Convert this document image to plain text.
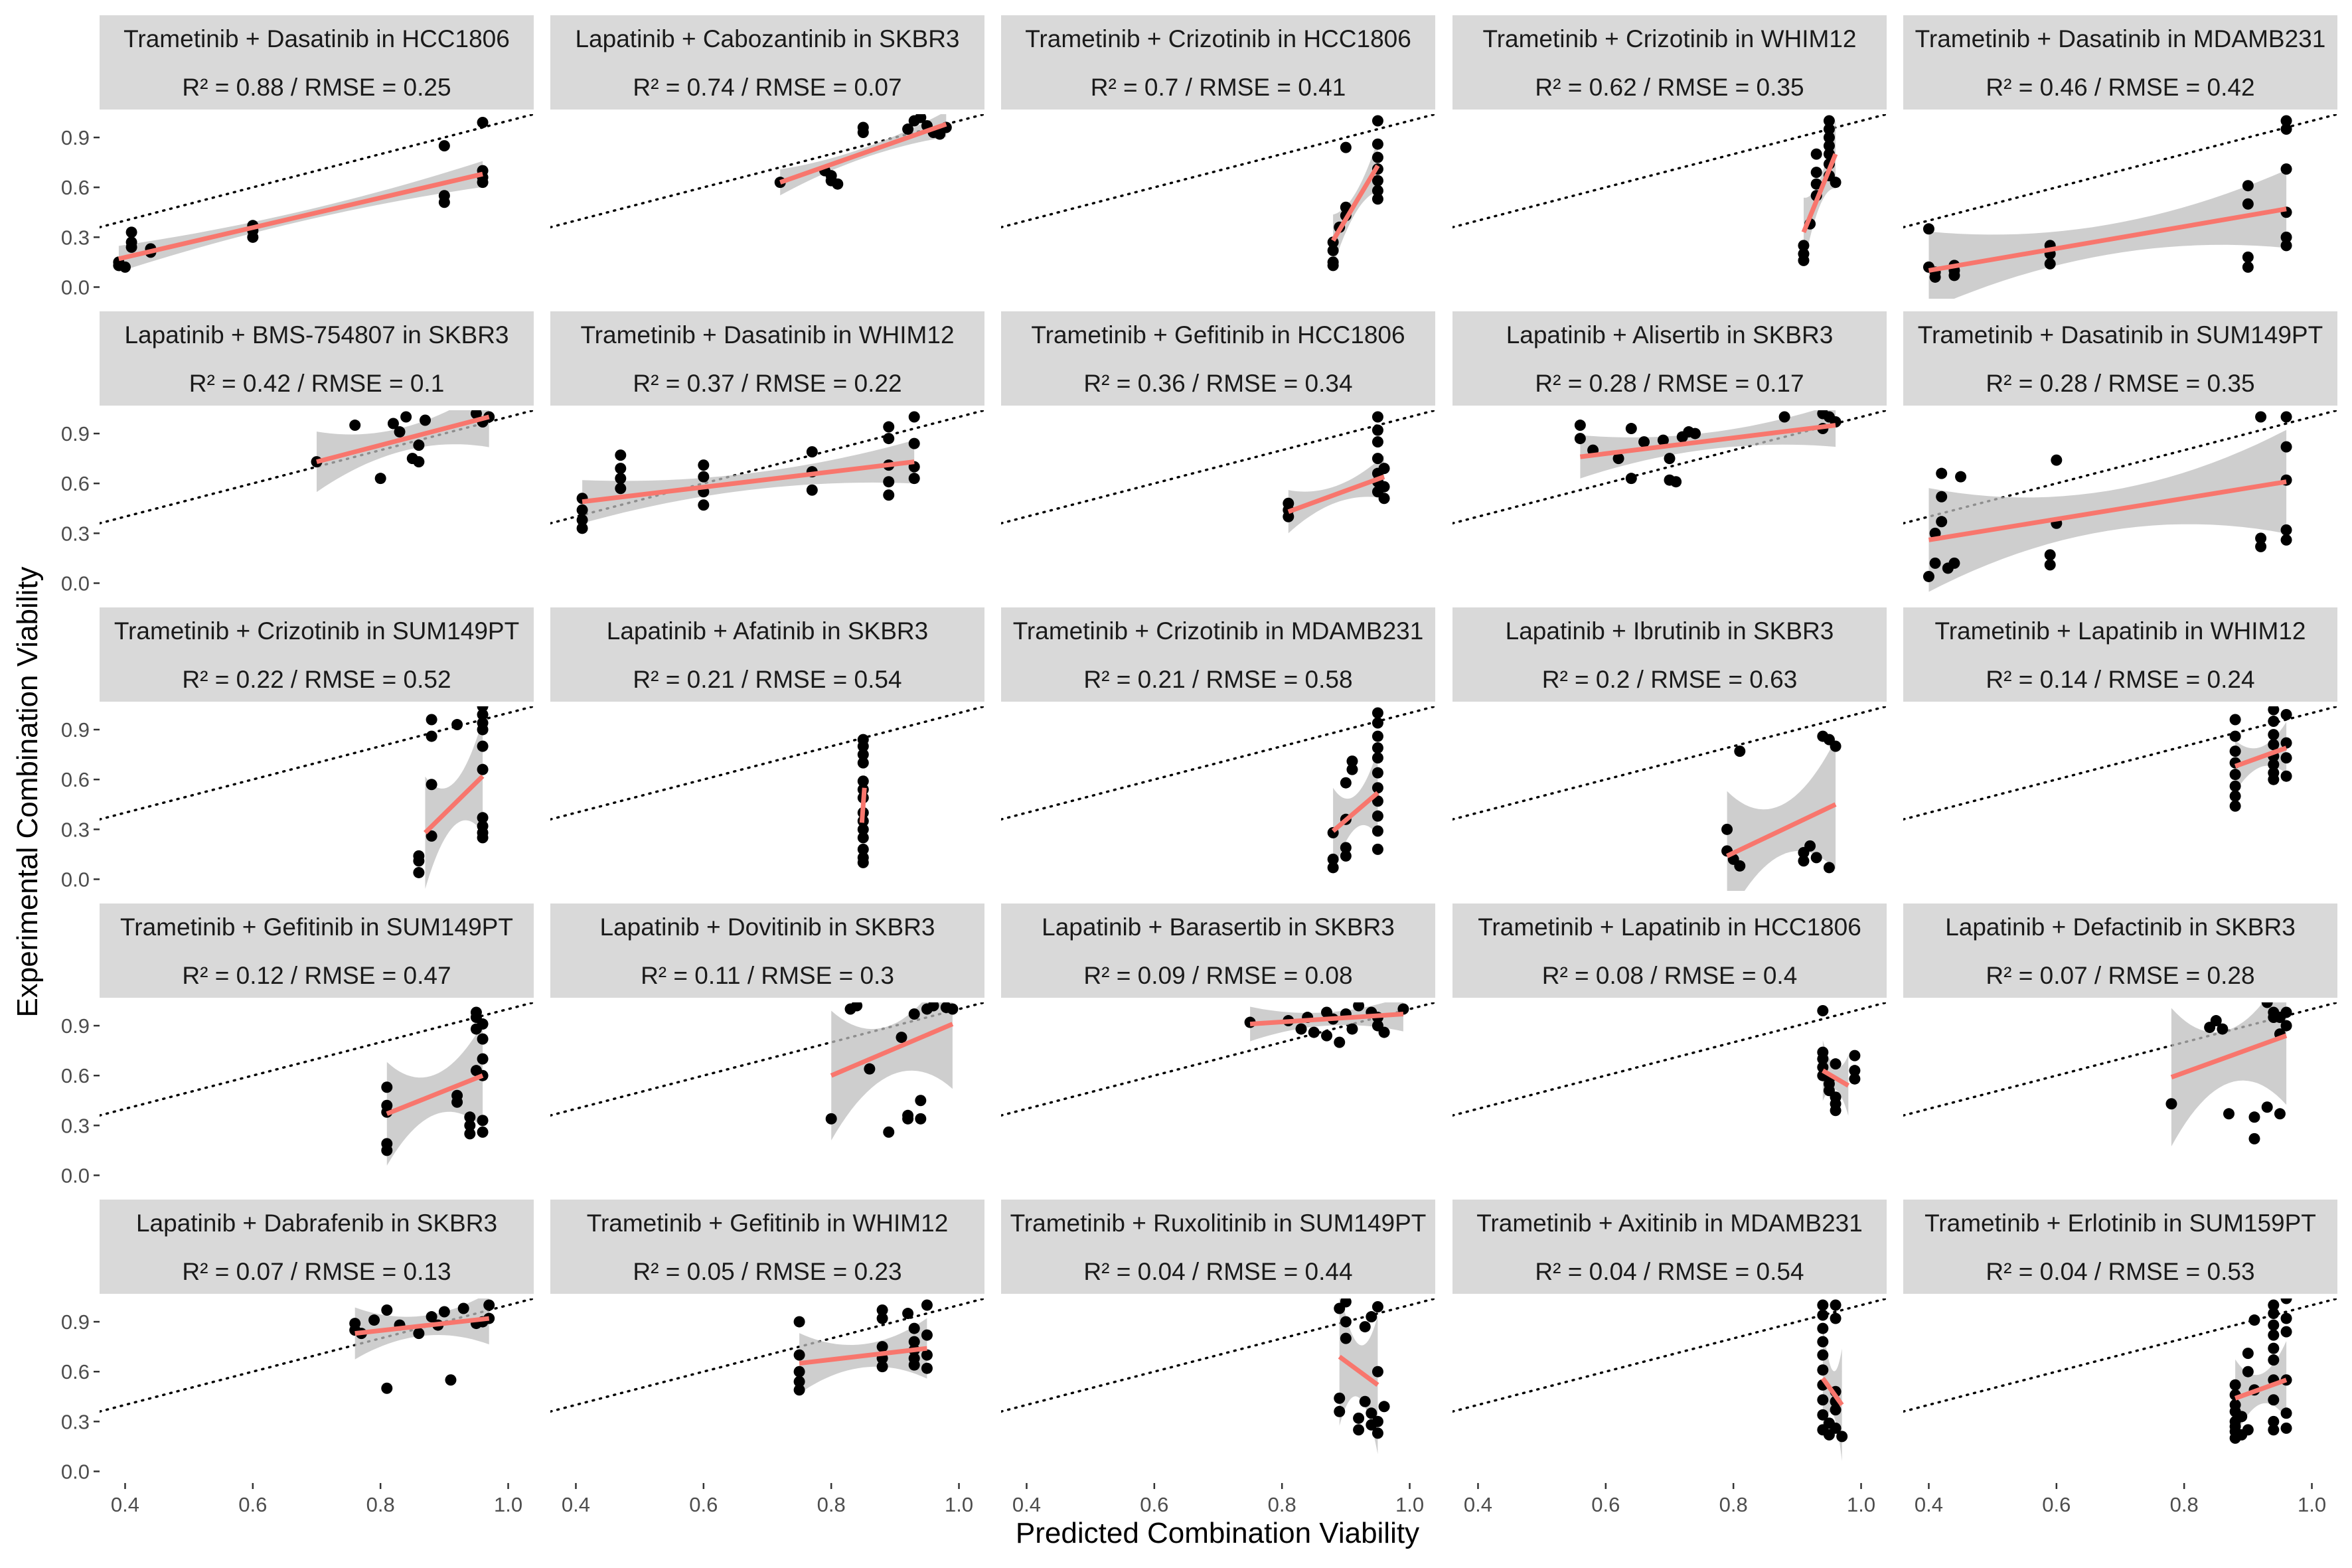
Predicted Combination Viability
Experimental Combination Viability
Trametinib + Dasatinib in HCC1806
R² = 0.88 / RMSE = 0.25
0.0
0.3
0.6
0.9
Lapatinib + Cabozantinib in SKBR3
R² = 0.74 / RMSE = 0.07
Trametinib + Crizotinib in HCC1806
R² = 0.7 / RMSE = 0.41
Trametinib + Crizotinib in WHIM12
R² = 0.62 / RMSE = 0.35
Trametinib + Dasatinib in MDAMB231
R² = 0.46 / RMSE = 0.42
Lapatinib + BMS-754807 in SKBR3
R² = 0.42 / RMSE = 0.1
0.0
0.3
0.6
0.9
Trametinib + Dasatinib in WHIM12
R² = 0.37 / RMSE = 0.22
Trametinib + Gefitinib in HCC1806
R² = 0.36 / RMSE = 0.34
Lapatinib + Alisertib in SKBR3
R² = 0.28 / RMSE = 0.17
Trametinib + Dasatinib in SUM149PT
R² = 0.28 / RMSE = 0.35
Trametinib + Crizotinib in SUM149PT
R² = 0.22 / RMSE = 0.52
0.0
0.3
0.6
0.9
Lapatinib + Afatinib in SKBR3
R² = 0.21 / RMSE = 0.54
Trametinib + Crizotinib in MDAMB231
R² = 0.21 / RMSE = 0.58
Lapatinib + Ibrutinib in SKBR3
R² = 0.2 / RMSE = 0.63
Trametinib + Lapatinib in WHIM12
R² = 0.14 / RMSE = 0.24
Trametinib + Gefitinib in SUM149PT
R² = 0.12 / RMSE = 0.47
0.0
0.3
0.6
0.9
Lapatinib + Dovitinib in SKBR3
R² = 0.11 / RMSE = 0.3
Lapatinib + Barasertib in SKBR3
R² = 0.09 / RMSE = 0.08
Trametinib + Lapatinib in HCC1806
R² = 0.08 / RMSE = 0.4
Lapatinib + Defactinib in SKBR3
R² = 0.07 / RMSE = 0.28
Lapatinib + Dabrafenib in SKBR3
R² = 0.07 / RMSE = 0.13
0.0
0.3
0.6
0.9
0.4	0.6	0.8	1.0
Trametinib + Gefitinib in WHIM12
R² = 0.05 / RMSE = 0.23
0.4	0.6	0.8	1.0
Trametinib + Ruxolitinib in SUM149PT
R² = 0.04 / RMSE = 0.44
0.4	0.6	0.8	1.0
Trametinib + Axitinib in MDAMB231
R² = 0.04 / RMSE = 0.54
0.4	0.6	0.8	1.0
Trametinib + Erlotinib in SUM159PT
R² = 0.04 / RMSE = 0.53
0.4	0.6	0.8	1.0
